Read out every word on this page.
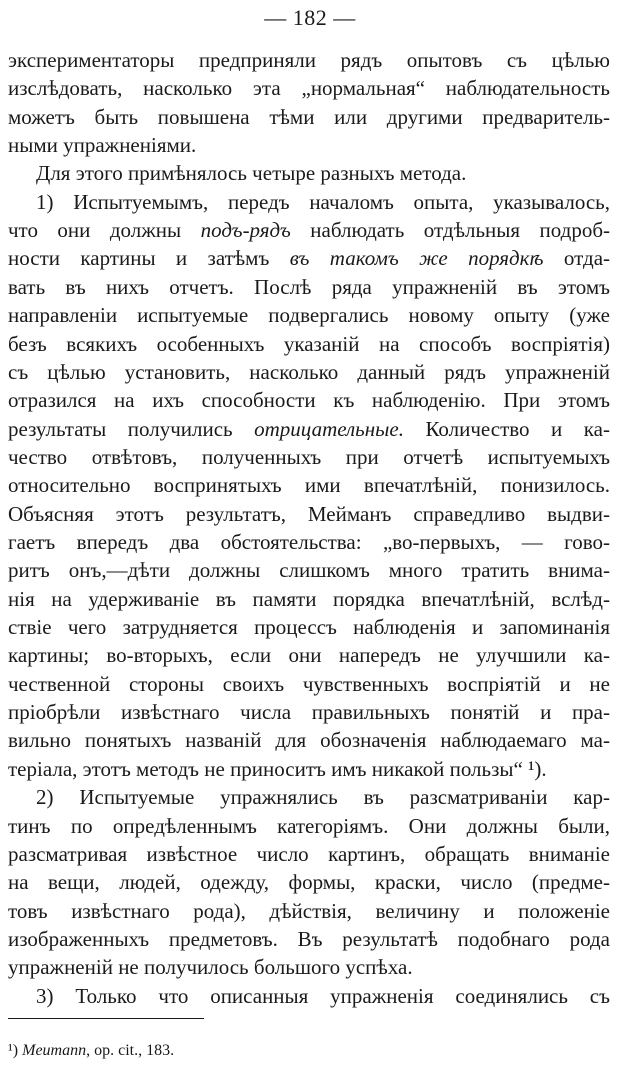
— 182 —
¹) Meumann, op. cit., 183.
экспериментаторы предприняли рядъ опытовъ съ цѣлью
изслѣдовать, насколько эта „нормальная“ наблюдательность
можетъ быть повышена тѣми или другими предваритель-
ными упражненіями.
Для этого примѣнялось четыре разныхъ метода.
1) Испытуемымъ, передъ началомъ опыта, указывалось,
что они должны подъ-рядъ наблюдать отдѣльныя подроб-
ности картины и затѣмъ въ такомъ же порядкѣ отда-
вать въ нихъ отчетъ. Послѣ ряда упражненій въ этомъ
направленіи испытуемые подвергались новому опыту (уже
безъ всякихъ особенныхъ указаній на способъ воспріятія)
съ цѣлью установить, насколько данный рядъ упражненій
отразился на ихъ способности къ наблюденію. При этомъ
результаты получились отрицательные. Количество и ка-
чество отвѣтовъ, полученныхъ при отчетѣ испытуемыхъ
относительно воспринятыхъ ими впечатлѣній, понизилось.
Объясняя этотъ результатъ, Мейманъ справедливо выдви-
гаетъ впередъ два обстоятельства: „во-первыхъ, — гово-
ритъ онъ,—дѣти должны слишкомъ много тратить внима-
нія на удерживаніе въ памяти порядка впечатлѣній, вслѣд-
ствіе чего затрудняется процессъ наблюденія и запоминанія
картины; во-вторыхъ, если они напередъ не улучшили ка-
чественной стороны своихъ чувственныхъ воспріятій и не
пріобрѣли извѣстнаго числа правильныхъ понятій и пра-
вильно понятыхъ названій для обозначенія наблюдаемаго ма-
теріала, этотъ методъ не приноситъ имъ никакой пользы“ ¹).
2) Испытуемые упражнялись въ разсматриваніи кар-
тинъ по опредѣленнымъ категоріямъ. Они должны были,
разсматривая извѣстное число картинъ, обращать вниманіе
на вещи, людей, одежду, формы, краски, число (предме-
товъ извѣстнаго рода), дѣйствія, величину и положеніе
изображенныхъ предметовъ. Въ результатѣ подобнаго рода
упражненій не получилось большого успѣха.
3) Только что описанныя упражненія соединялись съ
